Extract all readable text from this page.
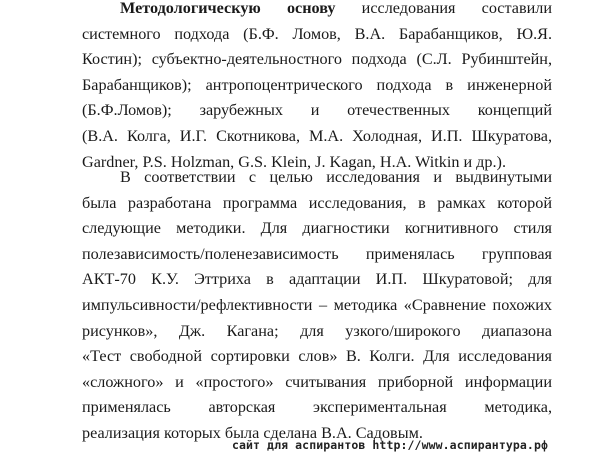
Методологическую основу исследования составили
системного подхода (Б.Ф. Ломов, В.А. Барабанщиков, Ю.Я.
Костин); субъектно-деятельностного подхода (С.Л. Рубинштейн,
Барабанщиков); антропоцентрического подхода в инженерной
(Б.Ф.Ломов); зарубежных и отечественных концепций
(В.А. Колга, И.Г. Скотникова, М.А. Холодная, И.П. Шкуратова,
Gardner, P.S. Holzman, G.S. Klein, J. Kagan, H.A. Witkin и др.).
В соответствии с целью исследования и выдвинутыми
была разработана программа исследования, в рамках которой
следующие методики. Для диагностики когнитивного стиля
полезависимость/поленезависимость применялась групповая
АКТ-70 К.У. Эттриха в адаптации И.П. Шкуратовой; для
импульсивности/рефлективности – методика «Сравнение похожих
рисунков», Дж. Кагана; для узкого/широкого диапазона
«Тест свободной сортировки слов» В. Колги. Для исследования
«сложного» и «простого» считывания приборной информации
применялась авторская экспериментальная методика,
реализация которых была сделана В.А. Садовым.
сайт для аспирантов http://www.аспирантура.рф
